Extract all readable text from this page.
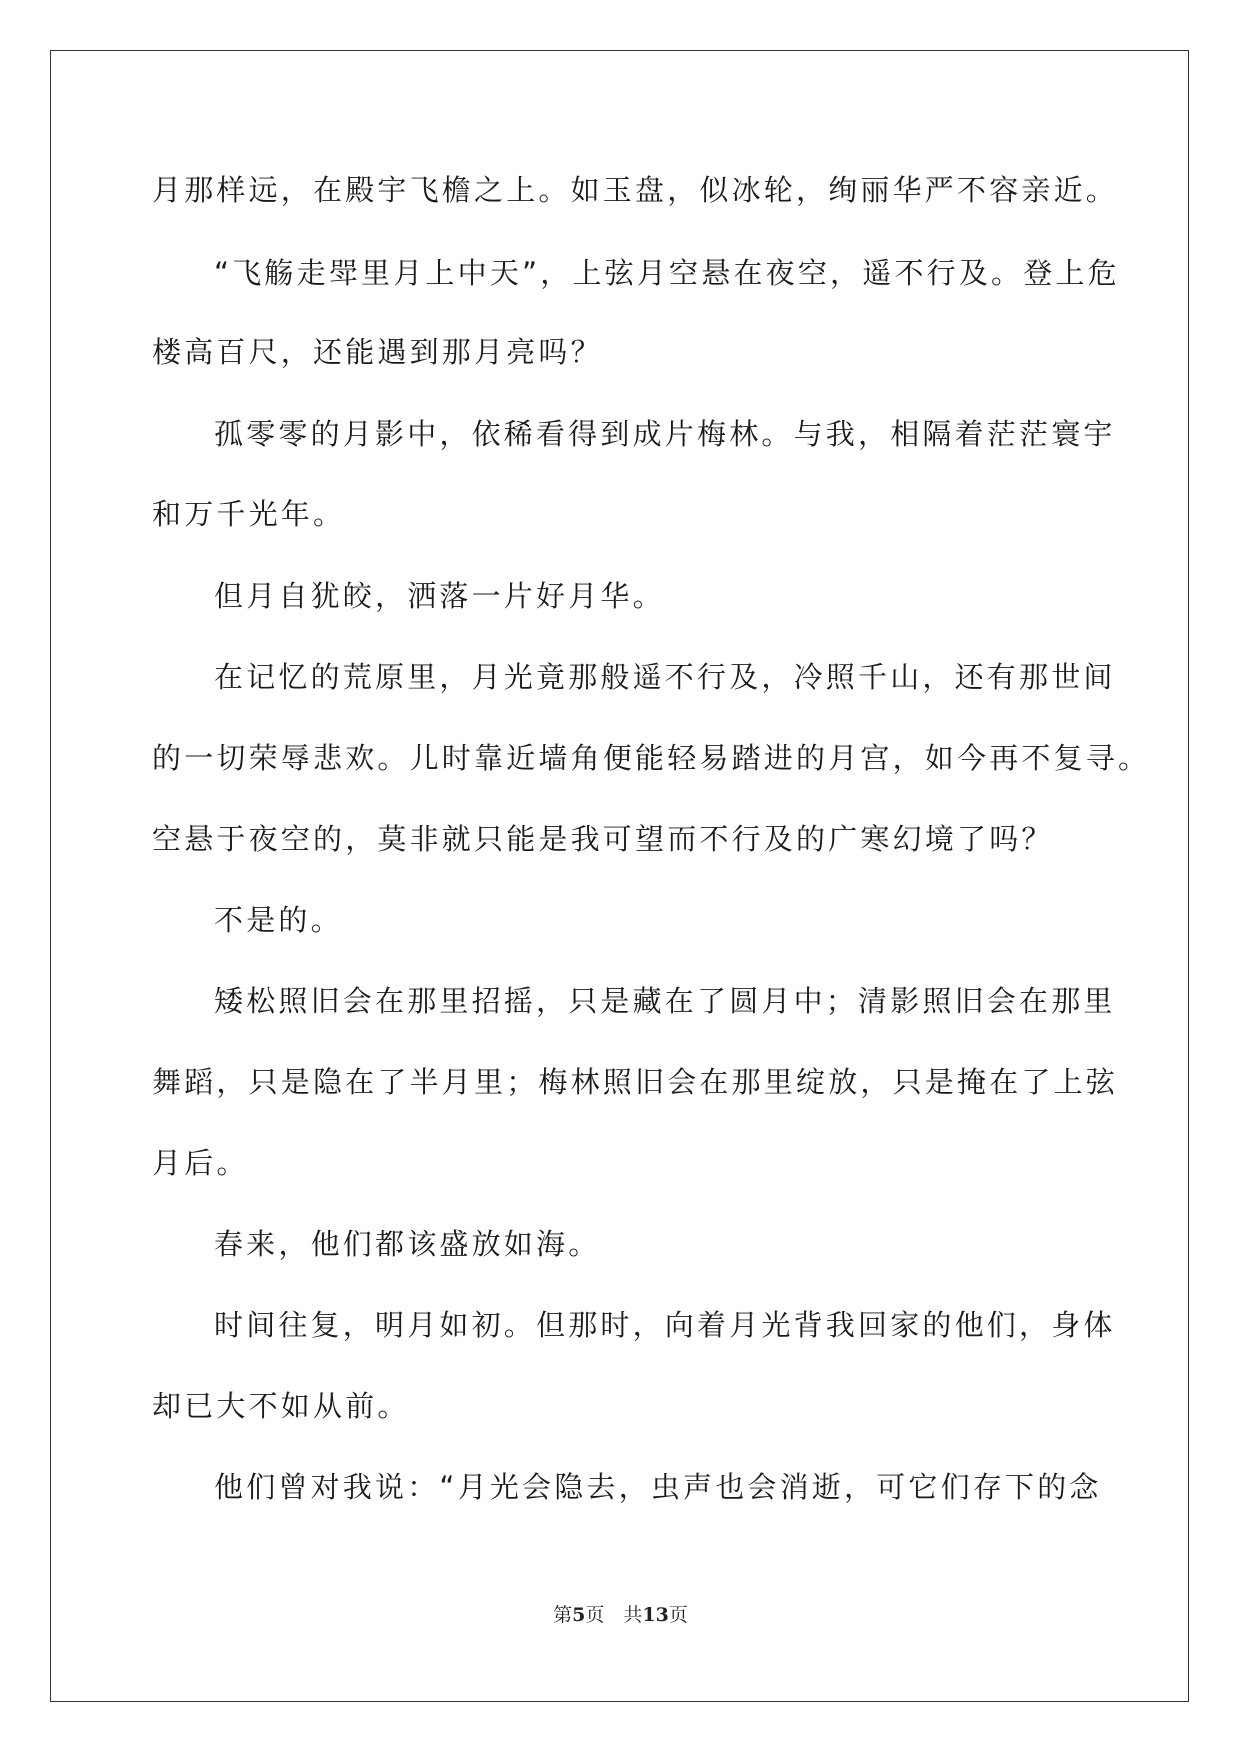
月那样远，在殿宇飞檐之上。如玉盘，似冰轮，绚丽华严不容亲近。
“飞觞走斝里月上中天”，上弦月空悬在夜空，遥不行及。登上危
楼高百尺，还能遇到那月亮吗？
孤零零的月影中，依稀看得到成片梅林。与我，相隔着茫茫寰宇
和万千光年。
但月自犹皎，洒落一片好月华。
在记忆的荒原里，月光竟那般遥不行及，冷照千山，还有那世间
的一切荣辱悲欢。儿时靠近墙角便能轻易踏进的月宫，如今再不复寻。
空悬于夜空的，莫非就只能是我可望而不行及的广寒幻境了吗？
不是的。
矮松照旧会在那里招摇，只是藏在了圆月中；清影照旧会在那里
舞蹈，只是隐在了半月里；梅林照旧会在那里绽放，只是掩在了上弦
月后。
春来，他们都该盛放如海。
时间往复，明月如初。但那时，向着月光背我回家的他们，身体
却已大不如从前。
他们曾对我说：“月光会隐去，虫声也会消逝，可它们存下的念
第5页　共13页
